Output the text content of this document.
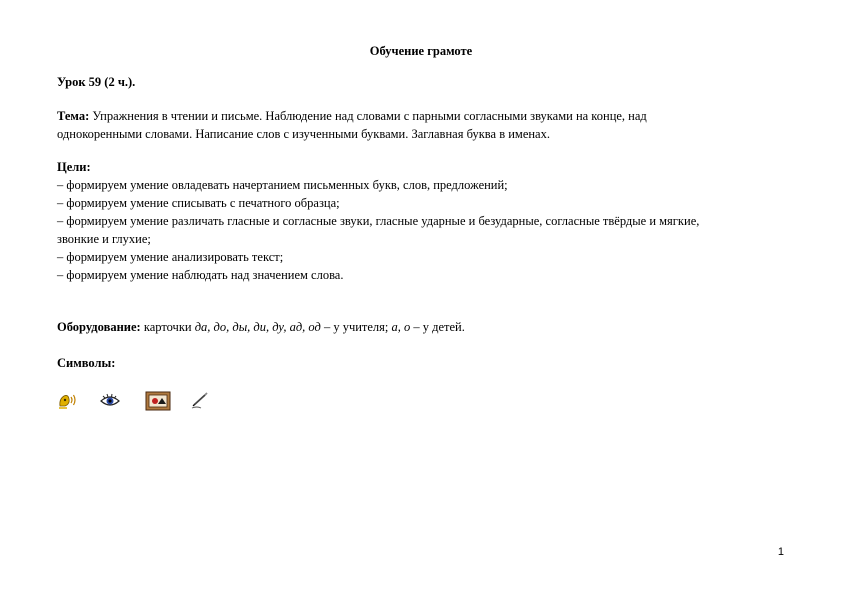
Обучение грамоте
Урок 59 (2 ч.).
Тема: Упражнения в чтении и письме. Наблюдение над словами с парными согласными звуками на конце, над
однокоренными словами. Написание слов с изученными буквами. Заглавная буква в именах.
Цели:
– формируем умение овладевать начертанием письменных букв, слов, предложений;
– формируем умение списывать с печатного образца;
– формируем умение различать гласные и согласные звуки, гласные ударные и безударные, согласные твёрдые и мягкие,
звонкие и глухие;
– формируем умение анализировать текст;
– формируем умение наблюдать над значением слова.
Оборудование: карточки да, до, ды, ди, ду, ад, од – у учителя; а, о – у детей.
Символы:
1
